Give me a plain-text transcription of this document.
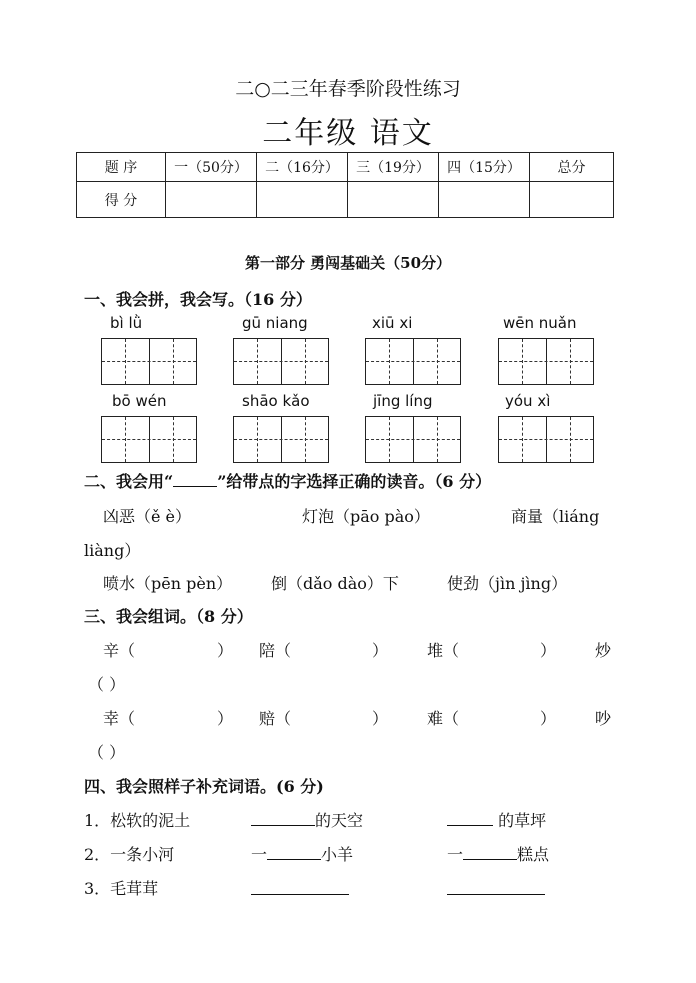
二○二三年春季阶段性练习
二年级 语文
题 序	一（50分）	二（16分）	三（19分）	四（15分）	总分
得 分					
第一部分 勇闯基础关（50分）
一、我会拼，我会写。（16 分）
bì lǜ	gū niang	xiū xi	wēn nuǎn
bō wén	shāo kǎo	jīng líng	yóu xì
二、我会用“	”给带点的字选择正确的读音。（6 分）
凶恶（ě è）	灯泡（pāo pào）	商量（liáng
liàng）
喷水（pēn pèn） 倒（dǎo dào）下	使劲（jìn jìng）
三、我会组词。（8 分）
辛（	） 陪（	） 堆（	） 炒
（ ）
幸（	） 赔（	） 难（	） 吵
（ ）
四、我会照样子补充词语。(6 分)
1．松软的泥土	的天空	的草坪
2．一条小河	一	小羊	一	糕点
3．毛茸茸
